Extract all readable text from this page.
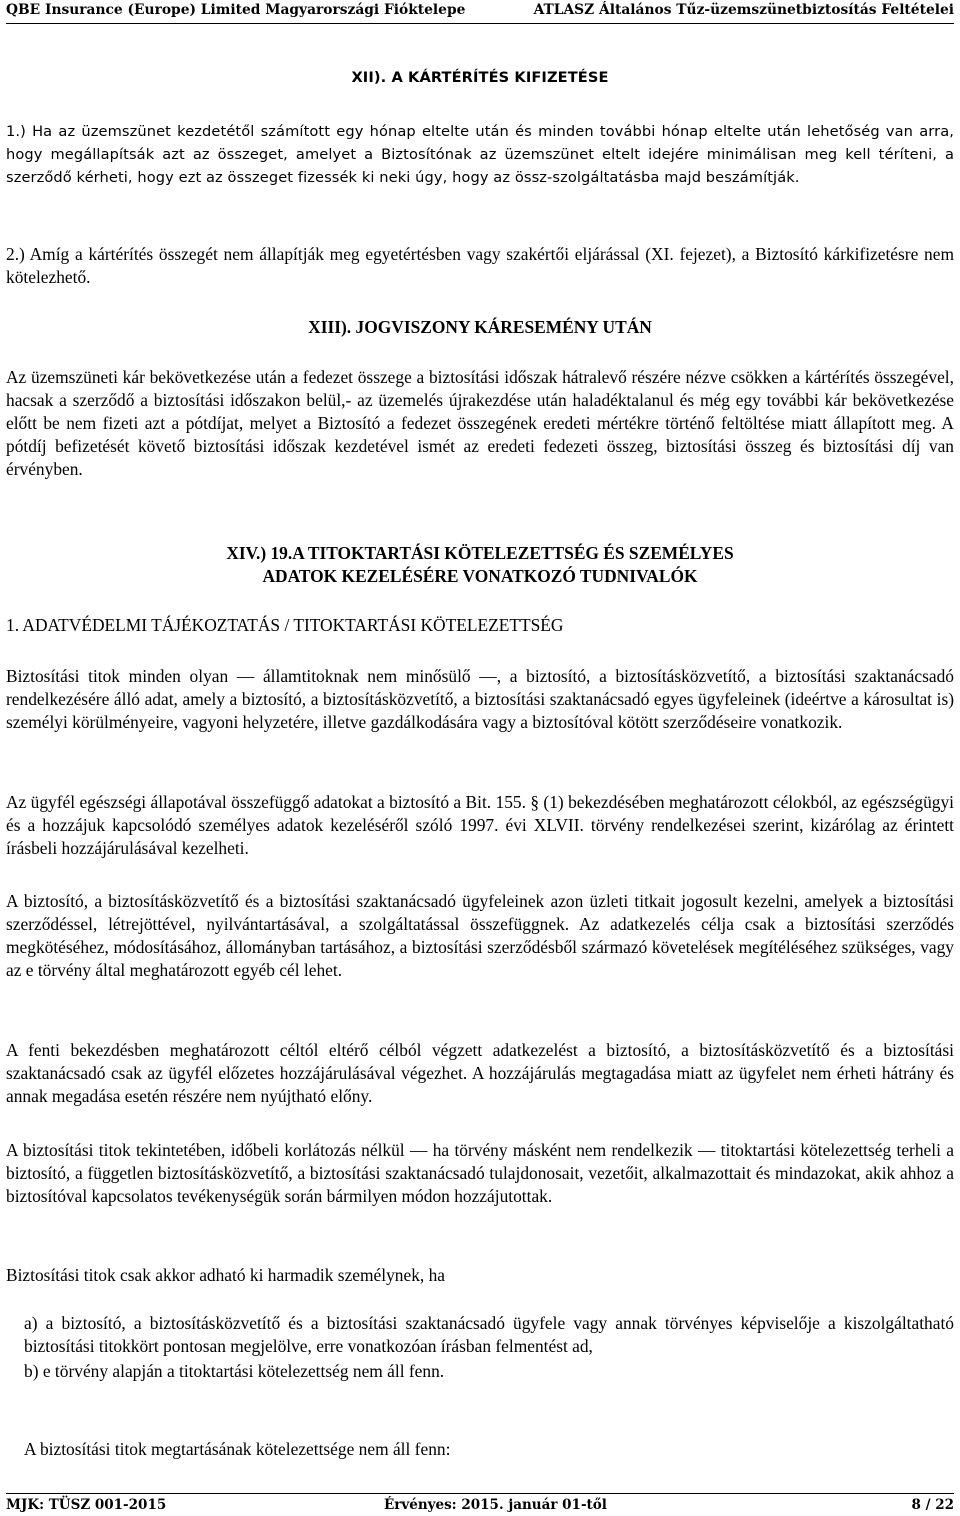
QBE Insurance (Europe) Limited Magyarországi Fióktelepe	ATLASZ Általános Tűz-üzemszünetbiztosítás Feltételei
XII). A KÁRTÉRÍTÉS KIFIZETÉSE

1.) Ha az üzemszünet kezdetétől számított egy hónap eltelte után és minden további hónap eltelte után lehetőség van arra, hogy megállapítsák azt az összeget, amelyet a Biztosítónak az üzemszünet eltelt idejére minimálisan meg kell téríteni, a szerződő kérheti, hogy ezt az összeget fizessék ki neki úgy, hogy az össz-szolgáltatásba majd beszámítják.

2.) Amíg a kártérítés összegét nem állapítják meg egyetértésben vagy szakértői eljárással (XI. fejezet), a Biztosító kárkifizetésre nem kötelezhető.

XIII). JOGVISZONY KÁRESEMÉNY UTÁN

Az üzemszüneti kár bekövetkezése után a fedezet összege a biztosítási időszak hátralevő részére nézve csökken a kártérítés összegével, hacsak a szerződő a biztosítási időszakon belül,- az üzemelés újrakezdése után haladéktalanul és még egy további kár bekövetkezése előtt be nem fizeti azt a pótdíjat, melyet a Biztosító a fedezet összegének eredeti mértékre történő feltöltése miatt állapított meg. A pótdíj befizetését követő biztosítási időszak kezdetével ismét az eredeti fedezeti összeg, biztosítási összeg és biztosítási díj van érvényben.

XIV.) 19.A TITOKTARTÁSI KÖTELEZETTSÉG ÉS SZEMÉLYES ADATOK KEZELÉSÉRE VONATKOZÓ TUDNIVALÓK
1. ADATVÉDELMI TÁJÉKOZTATÁS / TITOKTARTÁSI KÖTELEZETTSÉG

Biztosítási titok minden olyan — államtitoknak nem minősülő —, a biztosító, a biztosításközvetítő, a biztosítási szaktanácsadó rendelkezésére álló adat, amely a biztosító, a biztosításközvetítő, a biztosítási szaktanácsadó egyes ügyfeleinek (ideértve a károsultat is) személyi körülményeire, vagyoni helyzetére, illetve gazdálkodására vagy a biztosítóval kötött szerződéseire vonatkozik.

Az ügyfél egészségi állapotával összefüggő adatokat a biztosító a Bit. 155. § (1) bekezdésében meghatározott célokból, az egészségügyi és a hozzájuk kapcsolódó személyes adatok kezeléséről szóló 1997. évi XLVII. törvény rendelkezései szerint, kizárólag az érintett írásbeli hozzájárulásával kezelheti.

A biztosító, a biztosításközvetítő és a biztosítási szaktanácsadó ügyfeleinek azon üzleti titkait jogosult kezelni, amelyek a biztosítási szerződéssel, létrejöttével, nyilvántartásával, a szolgáltatással összefüggnek. Az adatkezelés célja csak a biztosítási szerződés megkötéséhez, módosításához, állományban tartásához, a biztosítási szerződésből származó követelések megítéléséhez szükséges, vagy az e törvény által meghatározott egyéb cél lehet.

A fenti bekezdésben meghatározott céltól eltérő célból végzett adatkezelést a biztosító, a biztosításközvetítő és a biztosítási szaktanácsadó csak az ügyfél előzetes hozzájárulásával végezhet. A hozzájárulás megtagadása miatt az ügyfelet nem érheti hátrány és annak megadása esetén részére nem nyújtható előny.

A biztosítási titok tekintetében, időbeli korlátozás nélkül — ha törvény másként nem rendelkezik — titoktartási kötelezettség terheli a biztosító, a független biztosításközvetítő, a biztosítási szaktanácsadó tulajdonosait, vezetőit, alkalmazottait és mindazokat, akik ahhoz a biztosítóval kapcsolatos tevékenységük során bármilyen módon hozzájutottak.

Biztosítási titok csak akkor adható ki harmadik személynek, ha

a) a biztosító, a biztosításközvetítő és a biztosítási szaktanácsadó ügyfele vagy annak törvényes képviselője a kiszolgáltatható biztosítási titokkört pontosan megjelölve, erre vonatkozóan írásban felmentést ad,
b) e törvény alapján a titoktartási kötelezettség nem áll fenn.

A biztosítási titok megtartásának kötelezettsége nem áll fenn:

MJK: TÜSZ 001-2015	Érvényes: 2015. január 01-től	8 / 22
